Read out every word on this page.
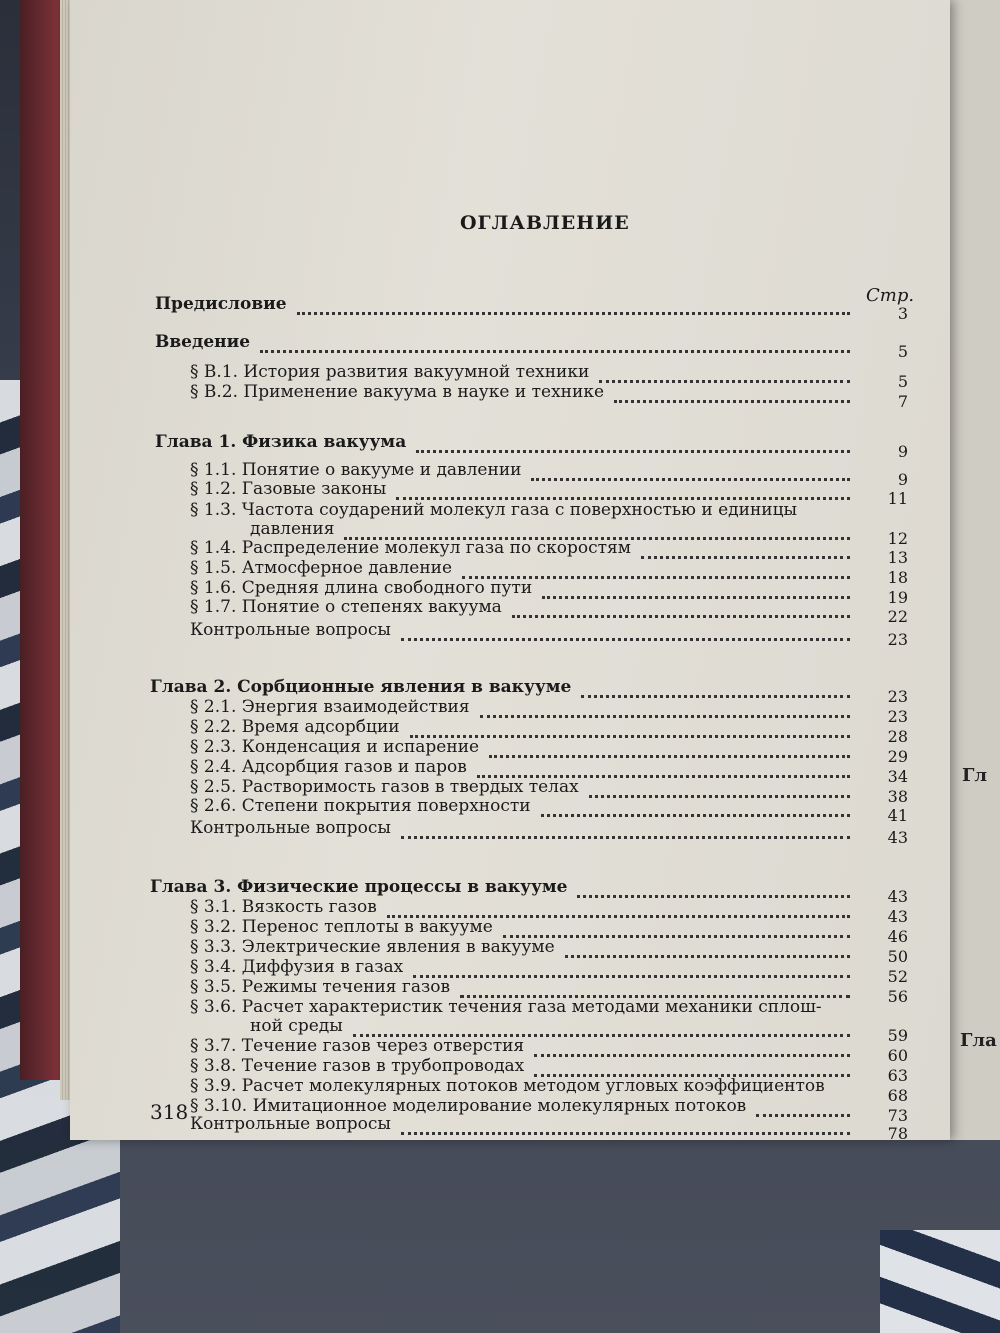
Гл
Гла
ОГЛАВЛЕНИЕ
Стр.
Предисловие	3
Введение	5
§ В.1. История развития вакуумной техники	5
§ В.2. Применение вакуума в науке и технике	7
Глава 1. Физика вакуума	9
§ 1.1. Понятие о вакууме и давлении	9
§ 1.2. Газовые законы	11
§ 1.3. Частота соударений молекул газа с поверхностью и единицы
давления	12
§ 1.4. Распределение молекул газа по скоростям	13
§ 1.5. Атмосферное давление	18
§ 1.6. Средняя длина свободного пути	19
§ 1.7. Понятие о степенях вакуума	22
Контрольные вопросы	23
Глава 2. Сорбционные явления в вакууме	23
§ 2.1. Энергия взаимодействия	23
§ 2.2. Время адсорбции	28
§ 2.3. Конденсация и испарение	29
§ 2.4. Адсорбция газов и паров	34
§ 2.5. Растворимость газов в твердых телах	38
§ 2.6. Степени покрытия поверхности	41
Контрольные вопросы	43
Глава 3. Физические процессы в вакууме	43
§ 3.1. Вязкость газов	43
§ 3.2. Перенос теплоты в вакууме	46
§ 3.3. Электрические явления в вакууме	50
§ 3.4. Диффузия в газах	52
§ 3.5. Режимы течения газов	56
§ 3.6. Расчет характеристик течения газа методами механики сплош-
ной среды	59
§ 3.7. Течение газов через отверстия	60
§ 3.8. Течение газов в трубопроводах	63
§ 3.9. Расчет молекулярных потоков методом угловых коэффициентов	68
§ 3.10. Имитационное моделирование молекулярных потоков	73
Контрольные вопросы	78
318
